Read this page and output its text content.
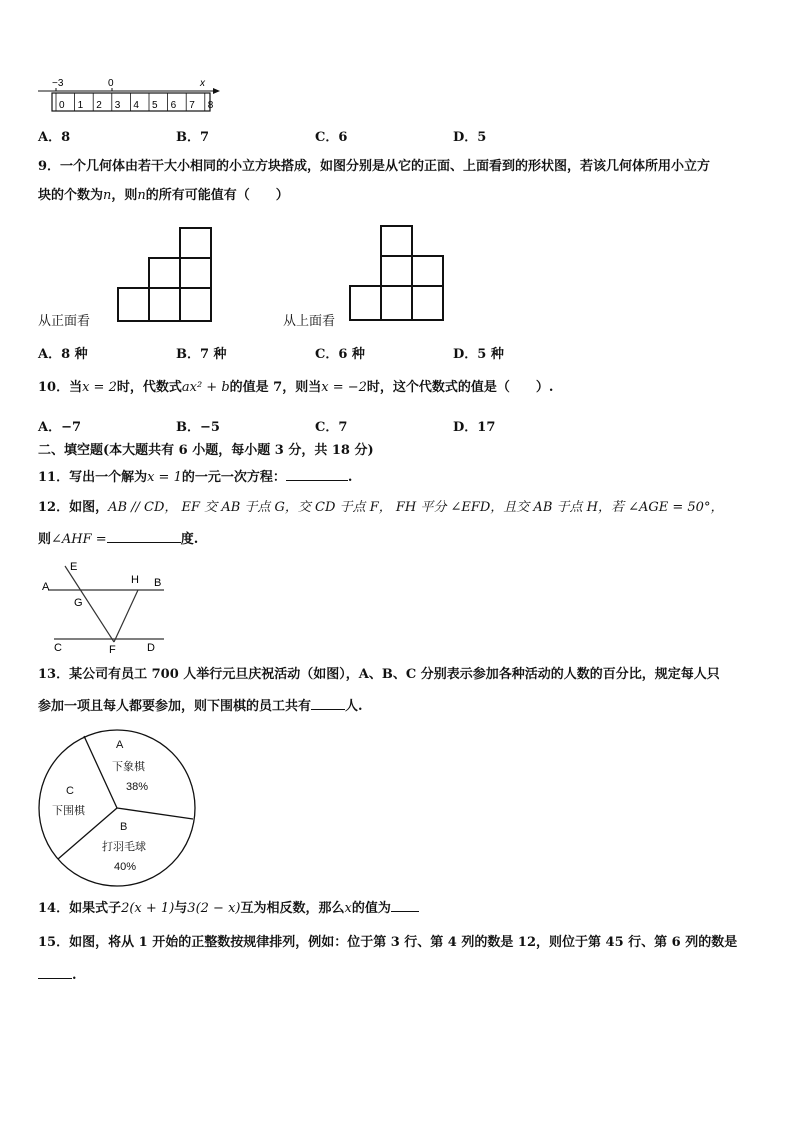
−3	0	x
0 1 2 3 4 5 6 7 8
A．8	B．7	C．6	D．5
9．一个几何体由若干大小相同的小立方块搭成，如图分别是从它的正面、上面看到的形状图，若该几何体所用小立方
块的个数为n，则n的所有可能值有（　　）
从正面看	从上面看
A．8 种	B．7 种	C．6 种	D．5 种
10．当x = 2时，代数式ax² + b的值是 7，则当x = −2时，这个代数式的值是（　　）.
A．−7	B．−5	C．7	D．17
二、填空题(本大题共有 6 小题，每小题 3 分，共 18 分)
11．写出一个解为x = 1的一元一次方程：	.
12．如图，AB // CD， EF 交 AB 于点 G，交 CD 于点 F， FH 平分 ∠EFD，且交 AB 于点 H，若 ∠AGE = 50°，
则∠AHF =	度.
A
E
G
H B
C	F	D
13．某公司有员工 700 人举行元旦庆祝活动（如图），A、B、C 分别表示参加各种活动的人数的百分比，规定每人只
参加一项且每人都要参加，则下围棋的员工共有	人.
A
下象棋
38%
C
下围棋
B
打羽毛球
40%
14．如果式子2(x + 1)与3(2 − x)互为相反数，那么x的值为
15．如图，将从 1 开始的正整数按规律排列，例如：位于第 3 行、第 4 列的数是 12，则位于第 45 行、第 6 列的数是
.
